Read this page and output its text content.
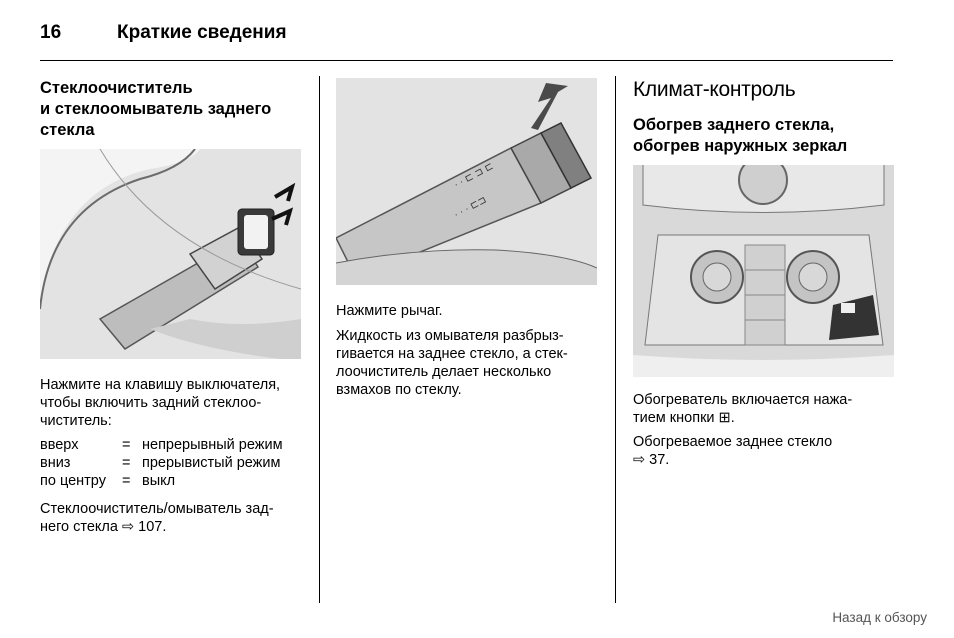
16	Краткие сведения
Стеклоочиститель
и стеклоомыватель заднего
стекла

Нажмите на клавишу выключателя,
чтобы включить задний стеклоо-
чиститель:

вверх	=	непрерывный режим
вниз	=	прерывистый режим
по центру	=	выкл

Стеклоочиститель/омыватель зад-
него стекла ⇨ 107.

· · ⊏ ⊐ ⊏
· · · ⊏⊐

Нажмите рычаг.

Жидкость из омывателя разбрыз-
гивается на заднее стекло, а стек-
лоочиститель делает несколько
взмахов по стеклу.

Климат-контроль
Обогрев заднего стекла,
обогрев наружных зеркал

Обогреватель включается нажа-
тием кнопки ⊞.

Обогреваемое заднее стекло
⇨ 37.

Назад к обзору
